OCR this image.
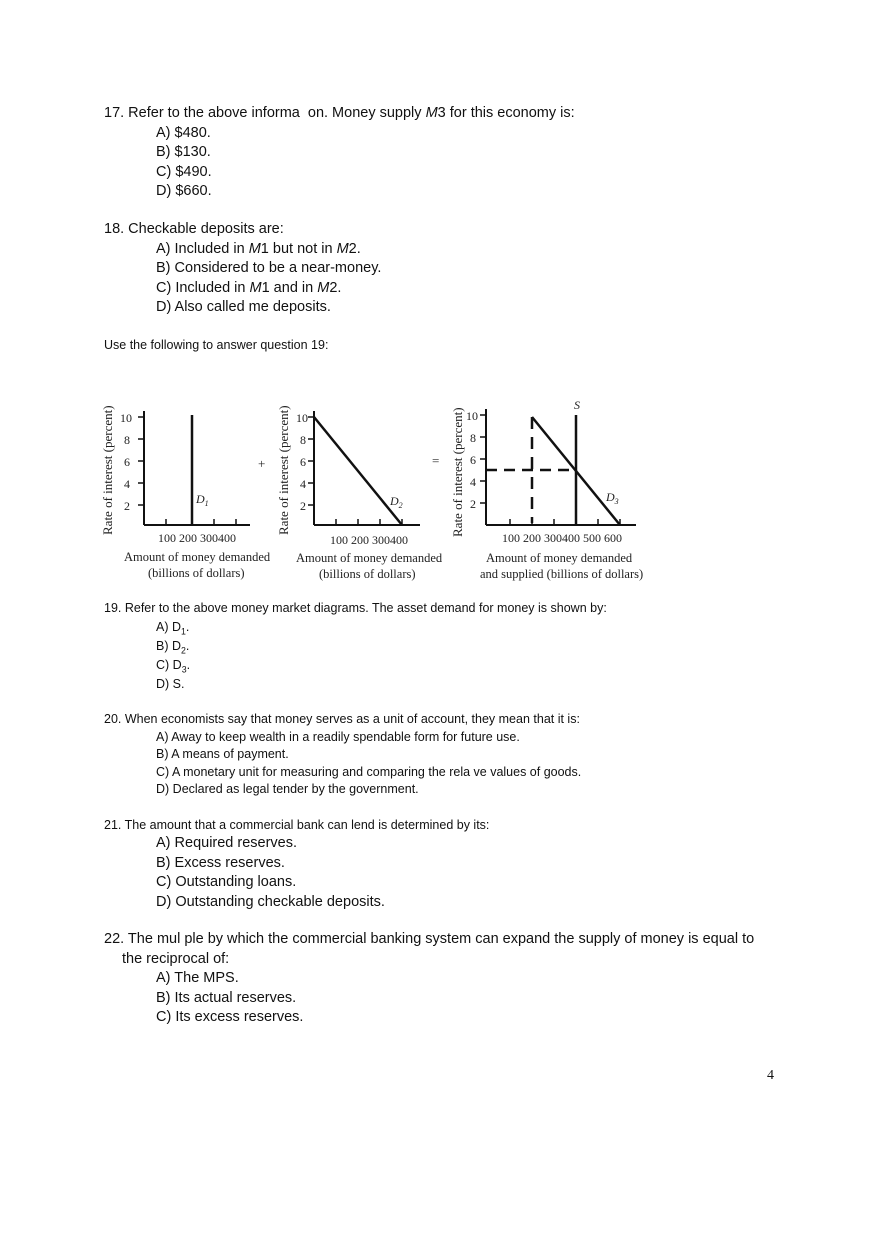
17. Refer to the above informa on. Money supply M3 for this economy is:
A) $480.
B) $130.
C) $490.
D) $660.
18. Checkable deposits are:
A) Included in M1 but not in M2.
B) Considered to be a near-money.
C) Included in M1 and in M2.
D) Also called me deposits.
Use the following to answer question 19:
Rate of interest (percent) 10
8
6
4
2	$D_1$
100 200 300400
Amount of money demanded
(billions of dollars)
+ Rate of interest (percent) 10
8
6
4
2	$D_2$
100 200 300400
Amount of money demanded
(billions of dollars)
= Rate of interest (percent) 10
8
6
4
2
S
$D_3$
100 200 300400 500 600
Amount of money demanded
and supplied (billions of dollars)
19. Refer to the above money market diagrams. The asset demand for money is shown by:
A) $D_1$.
B) $D_2$.
C) $D_3$.
D) S.
20. When economists say that money serves as a unit of account, they mean that it is:
A) Away to keep wealth in a readily spendable form for future use.
B) A means of payment.
C) A monetary unit for measuring and comparing the rela ve values of goods.
D) Declared as legal tender by the government.
21. The amount that a commercial bank can lend is determined by its:
A) Required reserves.
B) Excess reserves.
C) Outstanding loans.
D) Outstanding checkable deposits.
22. The mul ple by which the commercial banking system can expand the supply of money is equal to
the reciprocal of:
A) The MPS.
B) Its actual reserves.
C) Its excess reserves.
4
